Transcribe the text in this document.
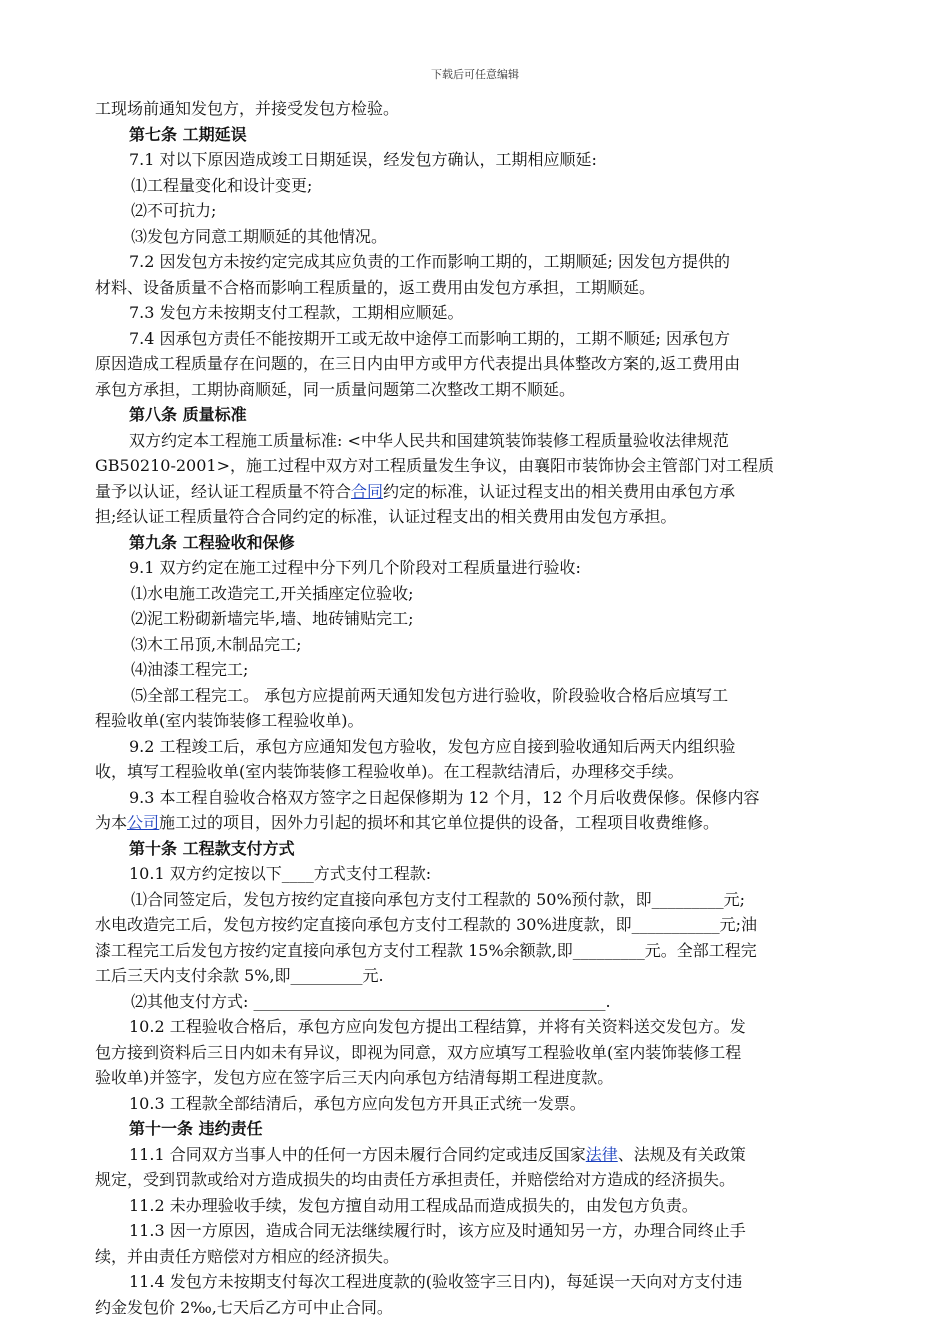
下载后可任意编辑
工现场前通知发包方，并接受发包方检验。
第七条 工期延误
7.1 对以下原因造成竣工日期延误，经发包方确认，工期相应顺延:
⑴工程量变化和设计变更;
⑵不可抗力;
⑶发包方同意工期顺延的其他情况。
7.2 因发包方未按约定完成其应负责的工作而影响工期的，工期顺延; 因发包方提供的
材料、设备质量不合格而影响工程质量的，返工费用由发包方承担，工期顺延。
7.3 发包方未按期支付工程款，工期相应顺延。
7.4 因承包方责任不能按期开工或无故中途停工而影响工期的，工期不顺延; 因承包方
原因造成工程质量存在问题的，在三日内由甲方或甲方代表提出具体整改方案的,返工费用由
承包方承担，工期协商顺延，同一质量问题第二次整改工期不顺延。
第八条 质量标准
双方约定本工程施工质量标准: <中华人民共和国建筑装饰装修工程质量验收法律规范
GB50210-2001>，施工过程中双方对工程质量发生争议，由襄阳市装饰协会主管部门对工程质
量予以认证，经认证工程质量不符合合同约定的标准，认证过程支出的相关费用由承包方承
担;经认证工程质量符合合同约定的标准，认证过程支出的相关费用由发包方承担。
第九条 工程验收和保修
9.1 双方约定在施工过程中分下列几个阶段对工程质量进行验收:
⑴水电施工改造完工,开关插座定位验收;
⑵泥工粉砌新墙完毕,墙、地砖铺贴完工;
⑶木工吊顶,木制品完工;
⑷油漆工程完工;
⑸全部工程完工。 承包方应提前两天通知发包方进行验收，阶段验收合格后应填写工
程验收单(室内装饰装修工程验收单)。
9.2 工程竣工后，承包方应通知发包方验收，发包方应自接到验收通知后两天内组织验
收，填写工程验收单(室内装饰装修工程验收单)。在工程款结清后，办理移交手续。
9.3 本工程自验收合格双方签字之日起保修期为 12 个月，12 个月后收费保修。保修内容
为本公司施工过的项目，因外力引起的损坏和其它单位提供的设备，工程项目收费维修。
第十条 工程款支付方式
10.1 双方约定按以下____方式支付工程款:
⑴合同签定后，发包方按约定直接向承包方支付工程款的 50%预付款，即_________元;
水电改造完工后，发包方按约定直接向承包方支付工程款的 30%进度款，即___________元;油
漆工程完工后发包方按约定直接向承包方支付工程款 15%余额款,即_________元。全部工程完
工后三天内支付余款 5%,即_________元.
⑵其他支付方式: ____________________________________________.
10.2 工程验收合格后，承包方应向发包方提出工程结算，并将有关资料送交发包方。发
包方接到资料后三日内如未有异议，即视为同意，双方应填写工程验收单(室内装饰装修工程
验收单)并签字，发包方应在签字后三天内向承包方结清每期工程进度款。
10.3 工程款全部结清后，承包方应向发包方开具正式统一发票。
第十一条 违约责任
11.1 合同双方当事人中的任何一方因未履行合同约定或违反国家法律、法规及有关政策
规定，受到罚款或给对方造成损失的均由责任方承担责任，并赔偿给对方造成的经济损失。
11.2 未办理验收手续，发包方擅自动用工程成品而造成损失的，由发包方负责。
11.3 因一方原因，造成合同无法继续履行时，该方应及时通知另一方，办理合同终止手
续，并由责任方赔偿对方相应的经济损失。
11.4 发包方未按期支付每次工程进度款的(验收签字三日内)，每延误一天向对方支付违
约金发包价 2‰,七天后乙方可中止合同。
